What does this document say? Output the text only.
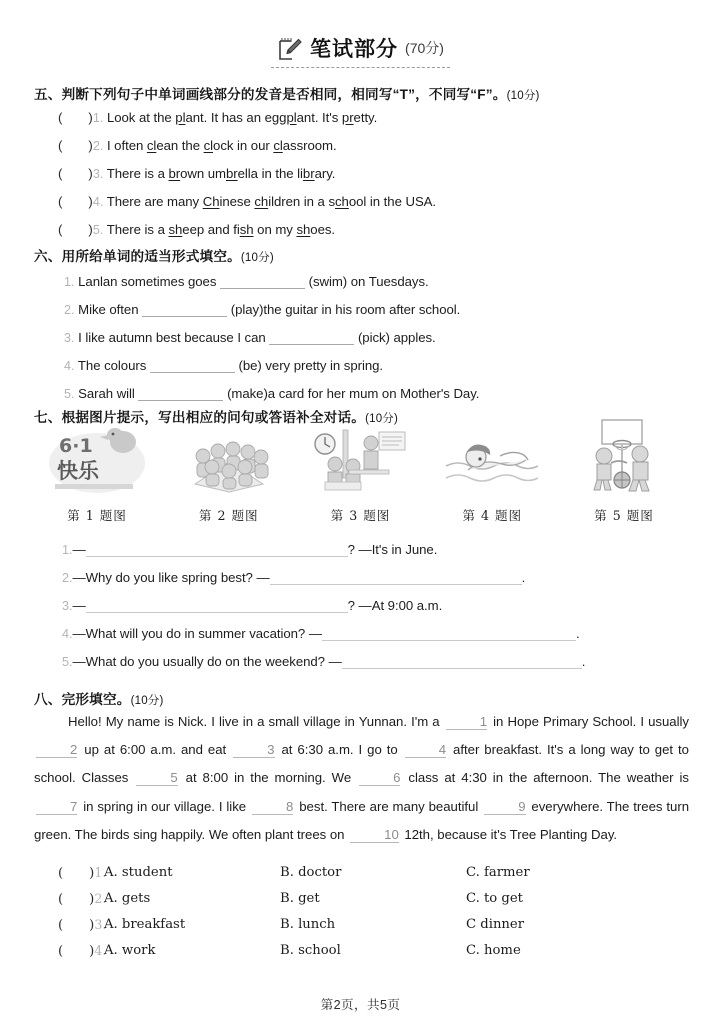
笔试部分 (70分)
五、判断下列句子中单词画线部分的发音是否相同，相同写“T”，不同写“F”。(10分)
( )1. Look at the plant. It has an eggplant. It's pretty.
( )2. I often clean the clock in our classroom.
( )3. There is a brown umbrella in the library.
( )4. There are many Chinese children in a school in the USA.
( )5. There is a sheep and fish on my shoes.
六、用所给单词的适当形式填空。(10分)
1. Lanlan sometimes goes	(swim) on Tuesdays.
2. Mike often	(play)the guitar in his room after school.
3. I like autumn best because I can	(pick) apples.
4. The colours	(be) very pretty in spring.
5. Sarah will	(make)a card for her mum on Mother's Day.
七、根据图片提示，写出相应的问句或答语补全对话。(10分)
6·1
快乐
第 1 题图	第 2 题图	第 3 题图	第 4 题图	第 5 题图
1.—	? —It's in June.
2.—Why do you like spring best? —	.
3.—	? —At 9:00 a.m.
4.—What will you do in summer vacation? —	.
5.—What do you usually do on the weekend? —	.
八、完形填空。(10分)
Hello! My name is Nick. I live in a small village in Yunnan. I'm a	1 in Hope Primary School. I usually 2 up at 6:00 a.m. and eat	3 at 6:30 a.m. I go to	4 after breakfast. It's a long way to get to school. Classes	5 at 8:00 in the morning. We	6 class at 4:30 in the afternoon. The weather is 7 in spring in our village. I like	8 best. There are many beautiful	9 everywhere. The trees turn green. The birds sing happily. We often plant trees on	10 12th, because it's Tree Planting Day.
( )1.
A. student	B. doctor	C. farmer
( )2.
A. gets	B. get	C. to get
( )3.
A. breakfast	B. lunch	C dinner
( )4.
A. work	B. school	C. home
第2页，共5页
